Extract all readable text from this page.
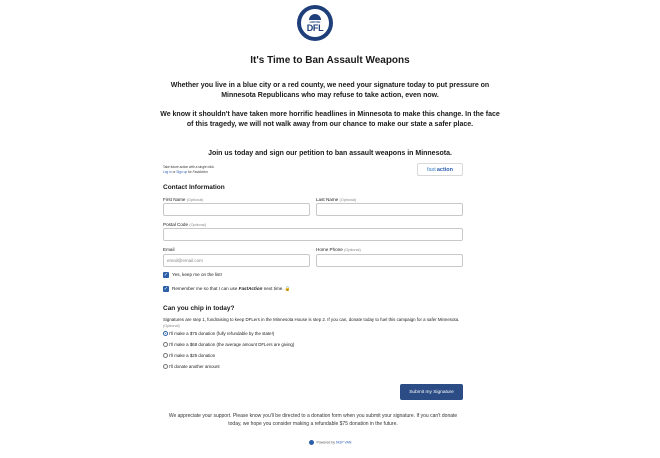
HOUSE
DFL
It's Time to Ban Assault Weapons
Whether you live in a blue city or a red county, we need your signature today to put pressure on Minnesota Republicans who may refuse to take action, even now.
We know it shouldn't have taken more horrific headlines in Minnesota to make this change. In the face of this tragedy, we will not walk away from our chance to make our state a safer place.
Join us today and sign our petition to ban assault weapons in Minnesota.
Take future action with a single click.
Log in or Sign up for FastAction	fast action
Contact Information
First Name (Optional)	Last Name (Optional)
Postal Code (Optional)
Email
email@email.com
Home Phone (Optional)
✓ Yes, keep me on the list!
✓ Remember me so that I can use FastAction next time. 🔒
Can you chip in today?
Signatures are step 1, fundraising to keep DFLers in the Minnesota House is step 2. If you can, donate today to fuel this campaign for a safer Minnesota. (Optional)
I'll make a $75 donation (fully refundable by the state!)
I'll make a $68 donation (the average amount DFLers are giving)
I'll make a $25 donation
I'll donate another amount
Submit my Signature
We appreciate your support. Please know you'll be directed to a donation form when you submit your signature. If you can't donate today, we hope you consider making a refundable $75 donation in the future.
Powered by NGP VAN
